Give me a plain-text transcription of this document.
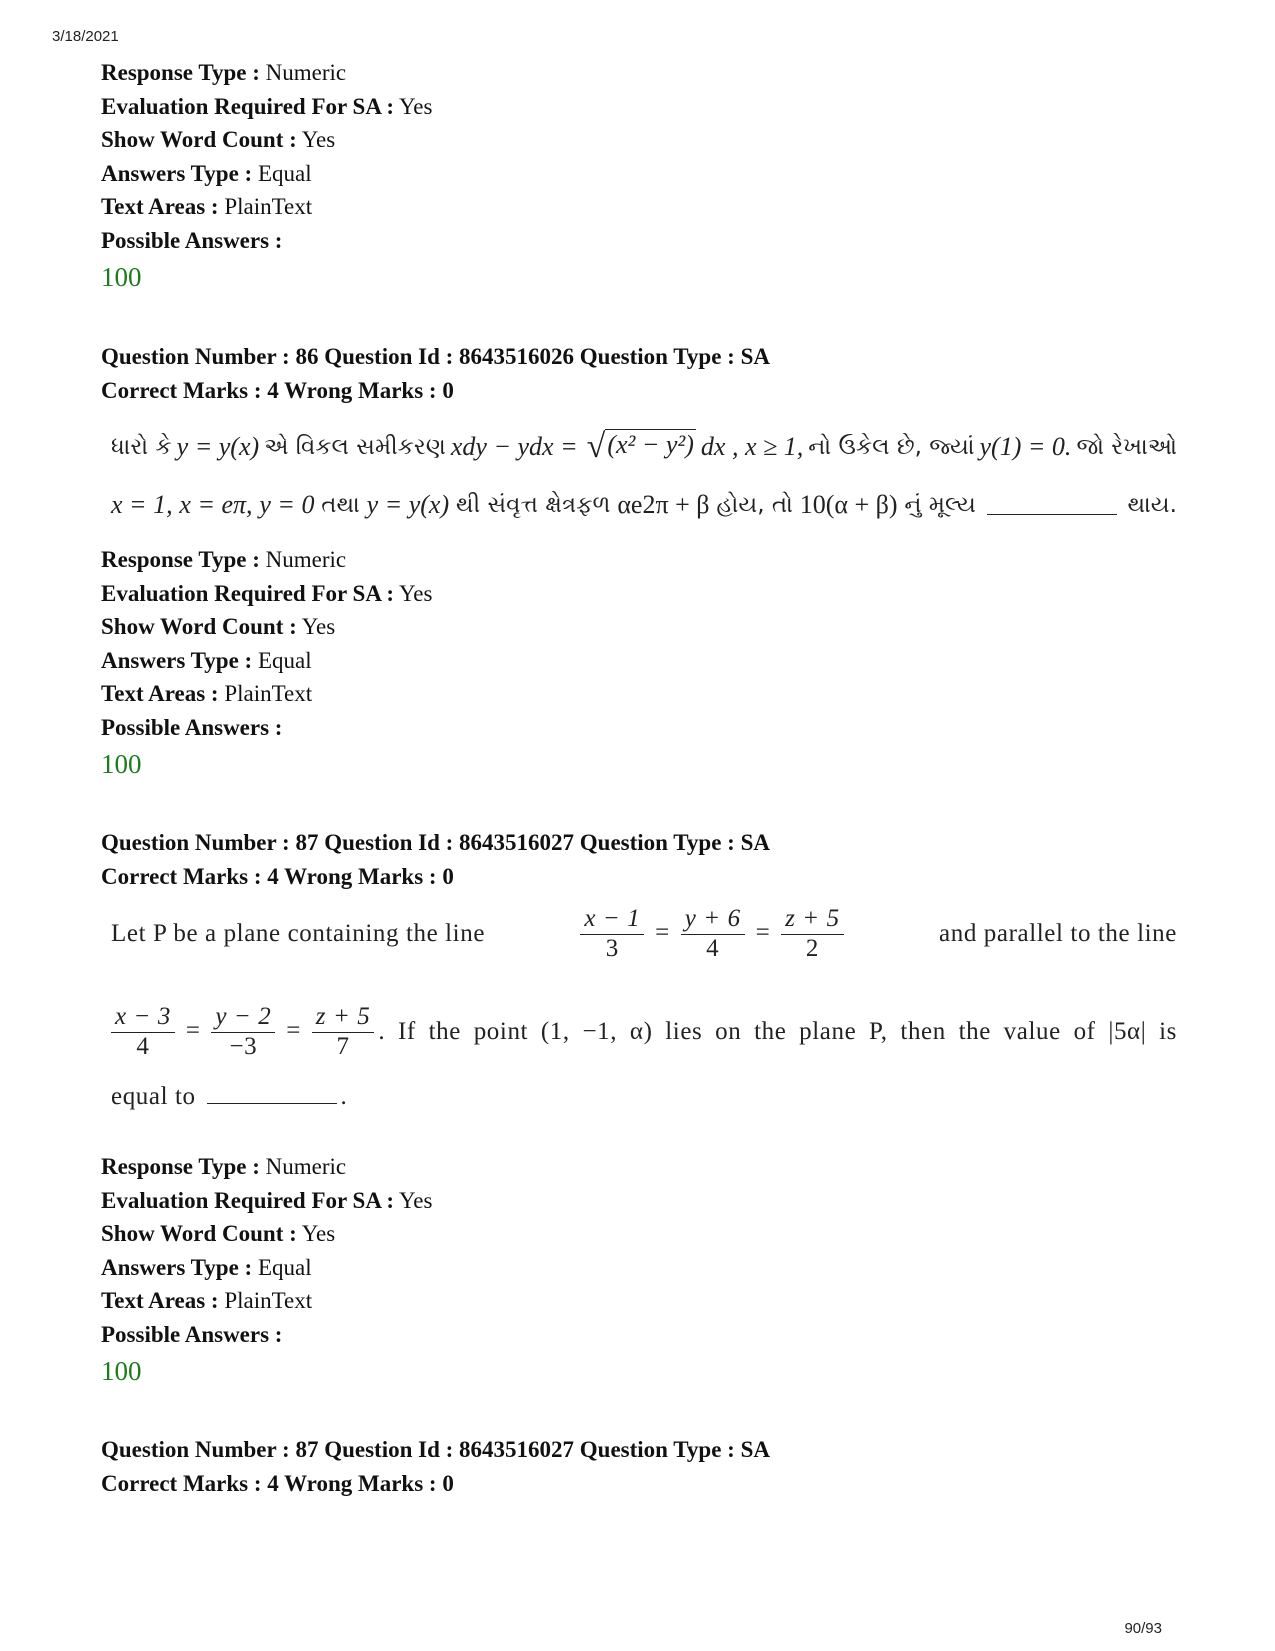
3/18/2021
Response Type : Numeric
Evaluation Required For SA : Yes
Show Word Count : Yes
Answers Type : Equal
Text Areas : PlainText
Possible Answers :
100
Question Number : 86 Question Id : 8643516026 Question Type : SA
Correct Marks : 4 Wrong Marks : 0
ધારો કે y = y(x) એ વિકલ સમીકરણ xdy − ydx = √(x² − y²) dx , x ≥ 1, નો ઉકેલ છે, જ્યાં y(1) = 0. જો રેખાઓ
x = 1, x = eπ, y = 0 તથા y = y(x) થી સંવૃત્ત ક્ષેત્રફળ αe2π + β હોય, તો 10(α + β) નું મૂલ્ય	થાય.
Response Type : Numeric
Evaluation Required For SA : Yes
Show Word Count : Yes
Answers Type : Equal
Text Areas : PlainText
Possible Answers :
100
Question Number : 87 Question Id : 8643516027 Question Type : SA
Correct Marks : 4 Wrong Marks : 0
Let P be a plane containing the line	$\frac{x - 1}{3} = \frac{y + 6}{4} = \frac{z + 5}{2}$	and parallel to the line
$\frac{x - 3}{4} = \frac{y - 2}{-3} = \frac{z + 5}{7}$ . If the point (1, −1, α) lies on the plane P, then the value of |5α| is
equal to	.
Response Type : Numeric
Evaluation Required For SA : Yes
Show Word Count : Yes
Answers Type : Equal
Text Areas : PlainText
Possible Answers :
100
Question Number : 87 Question Id : 8643516027 Question Type : SA
Correct Marks : 4 Wrong Marks : 0
90/93
